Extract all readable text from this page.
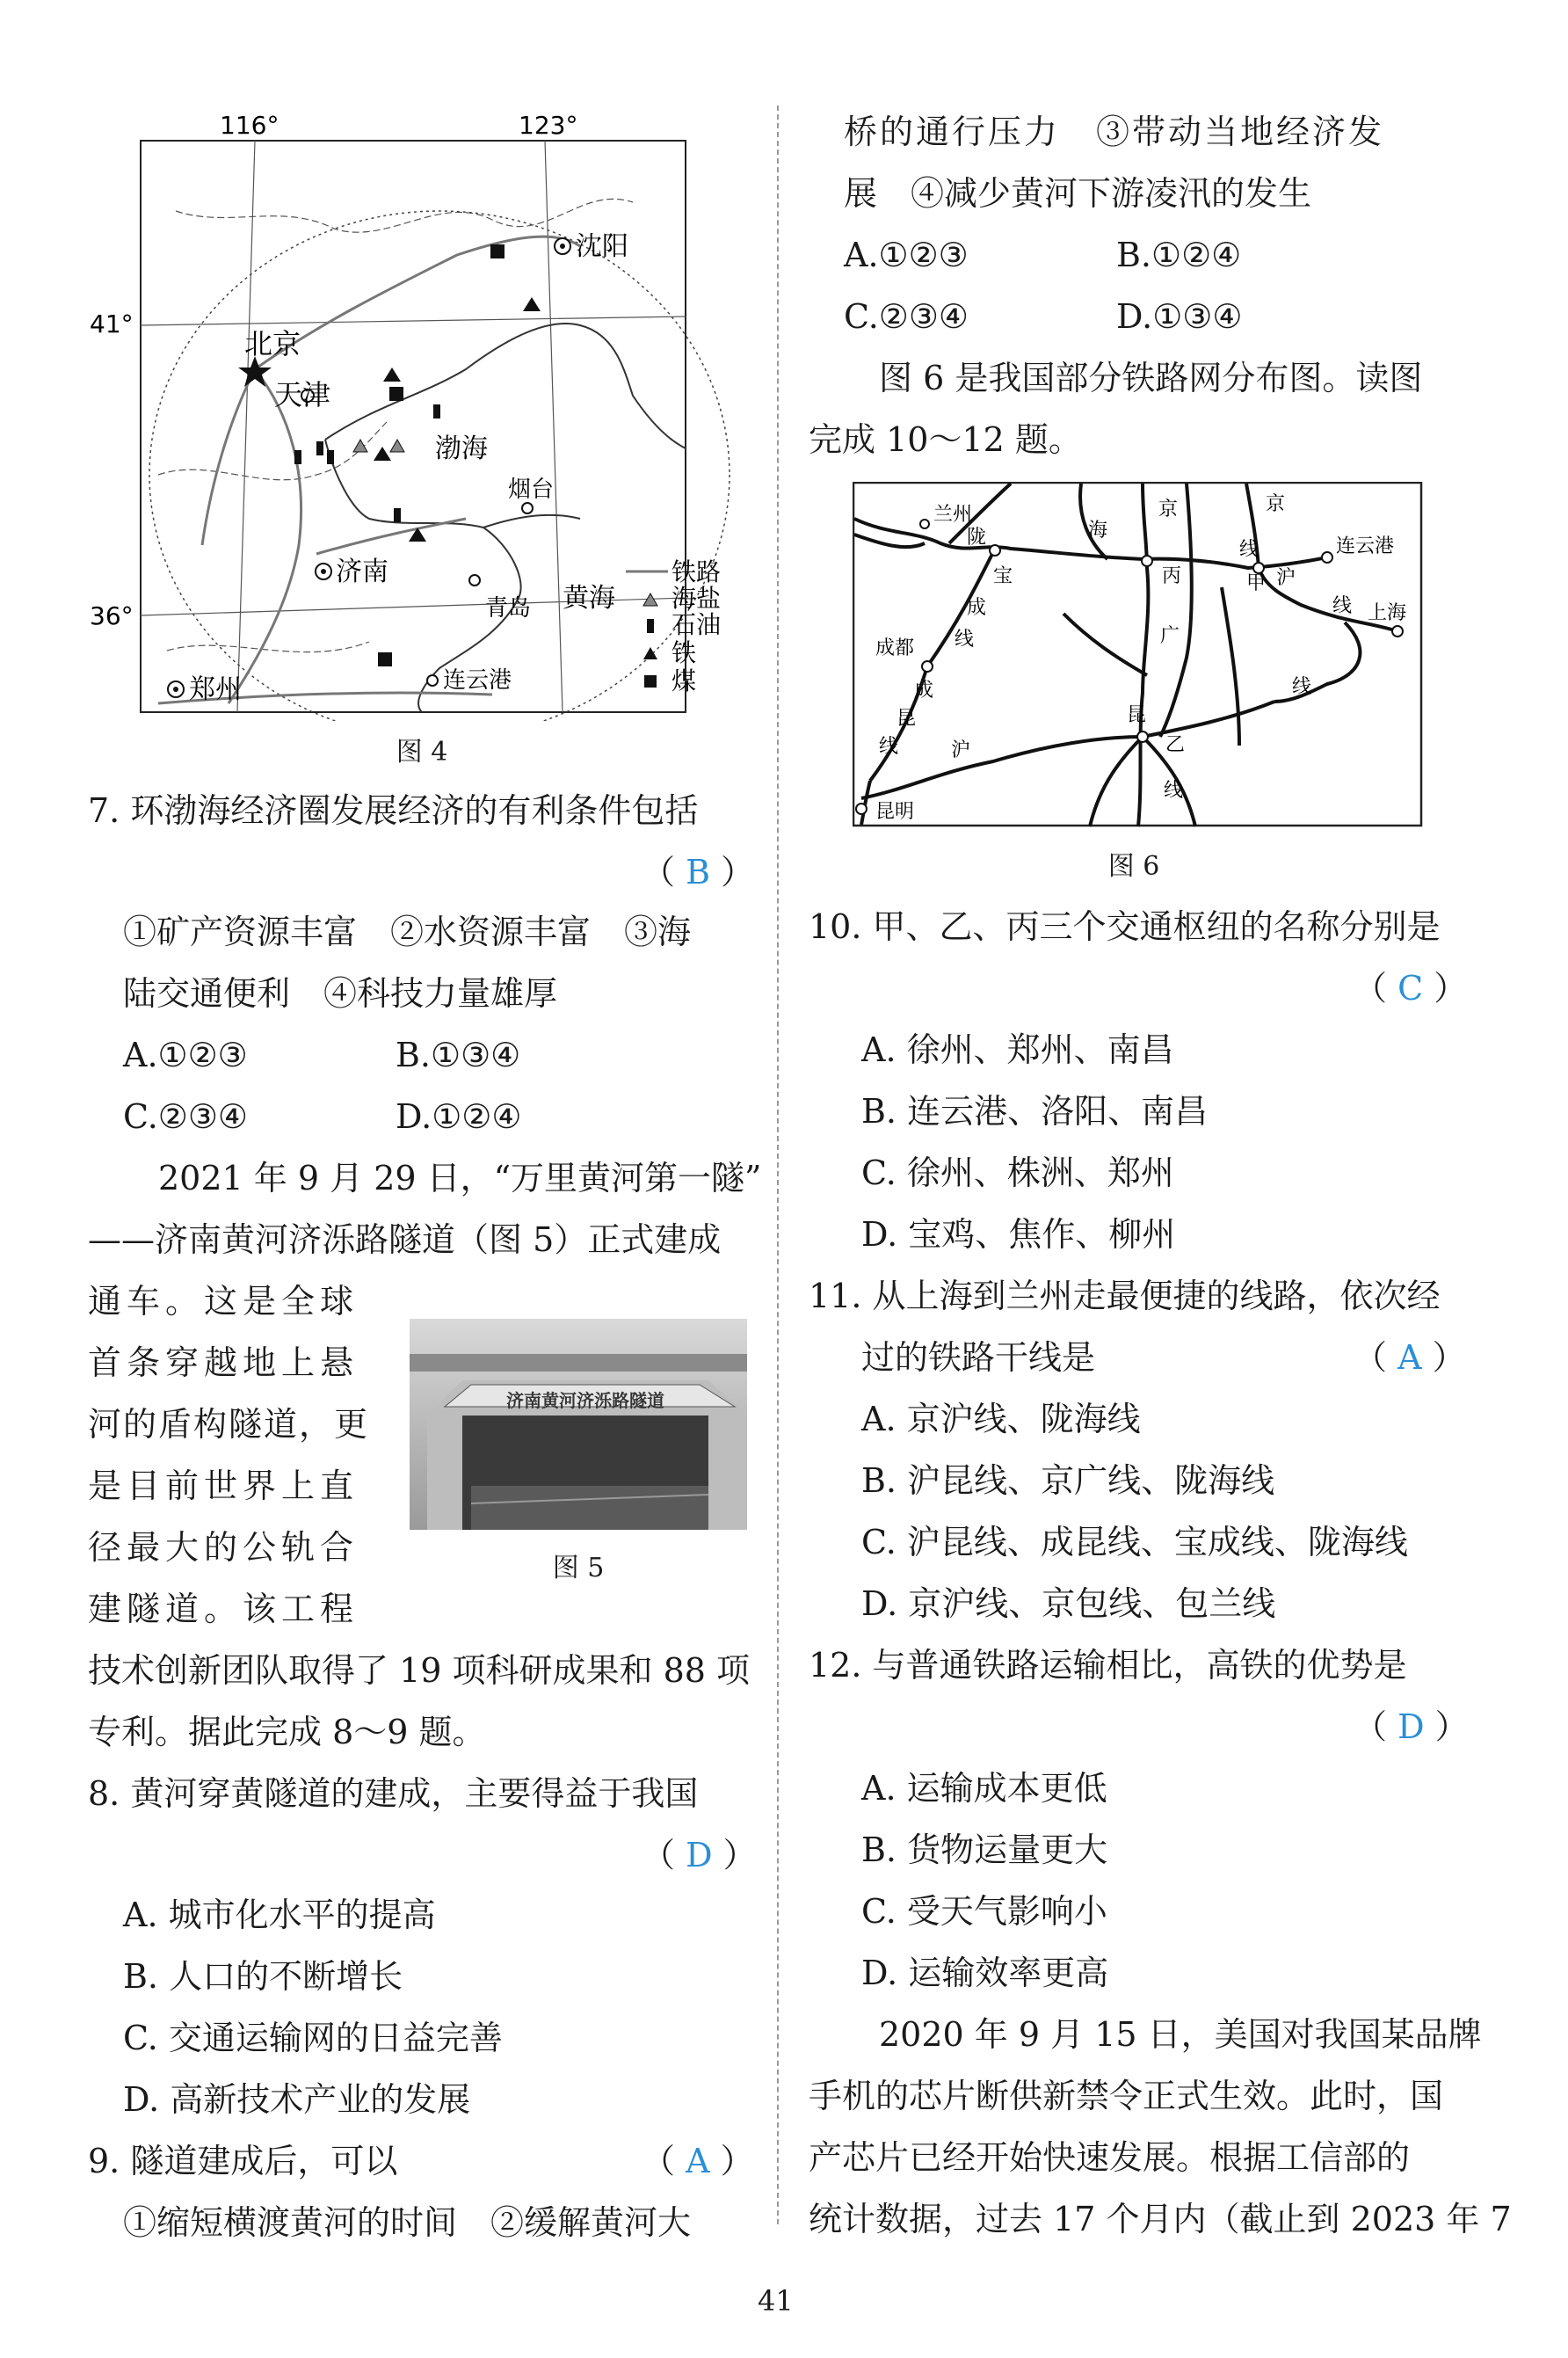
116°	123°
41°
36°
北京
天津
沈阳
济南
郑州
青岛
烟台
连云港
渤海
黄海
铁路
海盐
石油
铁
煤
图 4
7. 环渤海经济圈发展经济的有利条件包括
（ B ）
①矿产资源丰富　②水资源丰富　③海
陆交通便利　④科技力量雄厚
A.①②③	B.①③④
C.②③④	D.①②④
2021 年 9 月 29 日，“万里黄河第一隧”
——济南黄河济泺路隧道（图 5）正式建成
通车。这是全球
首条穿越地上悬
河的盾构隧道，更
是目前世界上直
径最大的公轨合
建隧道。该工程
济南黄河济泺路隧道
图 5
技术创新团队取得了 19 项科研成果和 88 项
专利。据此完成 8～9 题。
8. 黄河穿黄隧道的建成，主要得益于我国
（ D ）
A. 城市化水平的提高
B. 人口的不断增长
C. 交通运输网的日益完善
D. 高新技术产业的发展
9. 隧道建成后，可以	（ A ）
①缩短横渡黄河的时间　②缓解黄河大
桥的通行压力　③带动当地经济发
展　④减少黄河下游凌汛的发生
A.①②③	B.①②④
C.②③④	D.①③④
图 6 是我国部分铁路网分布图。读图
完成 10～12 题。
兰州
陇	海
京	京
线	连云港
宝
成
线
丙	甲 沪
线 上海
成都
广
成
昆
线
昆
乙
线
线
沪
昆明
图 6
10. 甲、乙、丙三个交通枢纽的名称分别是
（ C ）
A. 徐州、郑州、南昌
B. 连云港、洛阳、南昌
C. 徐州、株洲、郑州
D. 宝鸡、焦作、柳州
11. 从上海到兰州走最便捷的线路，依次经
过的铁路干线是	（ A ）
A. 京沪线、陇海线
B. 沪昆线、京广线、陇海线
C. 沪昆线、成昆线、宝成线、陇海线
D. 京沪线、京包线、包兰线
12. 与普通铁路运输相比，高铁的优势是
（ D ）
A. 运输成本更低
B. 货物运量更大
C. 受天气影响小
D. 运输效率更高
2020 年 9 月 15 日，美国对我国某品牌
手机的芯片断供新禁令正式生效。此时，国
产芯片已经开始快速发展。根据工信部的
统计数据，过去 17 个月内（截止到 2023 年 7
41
